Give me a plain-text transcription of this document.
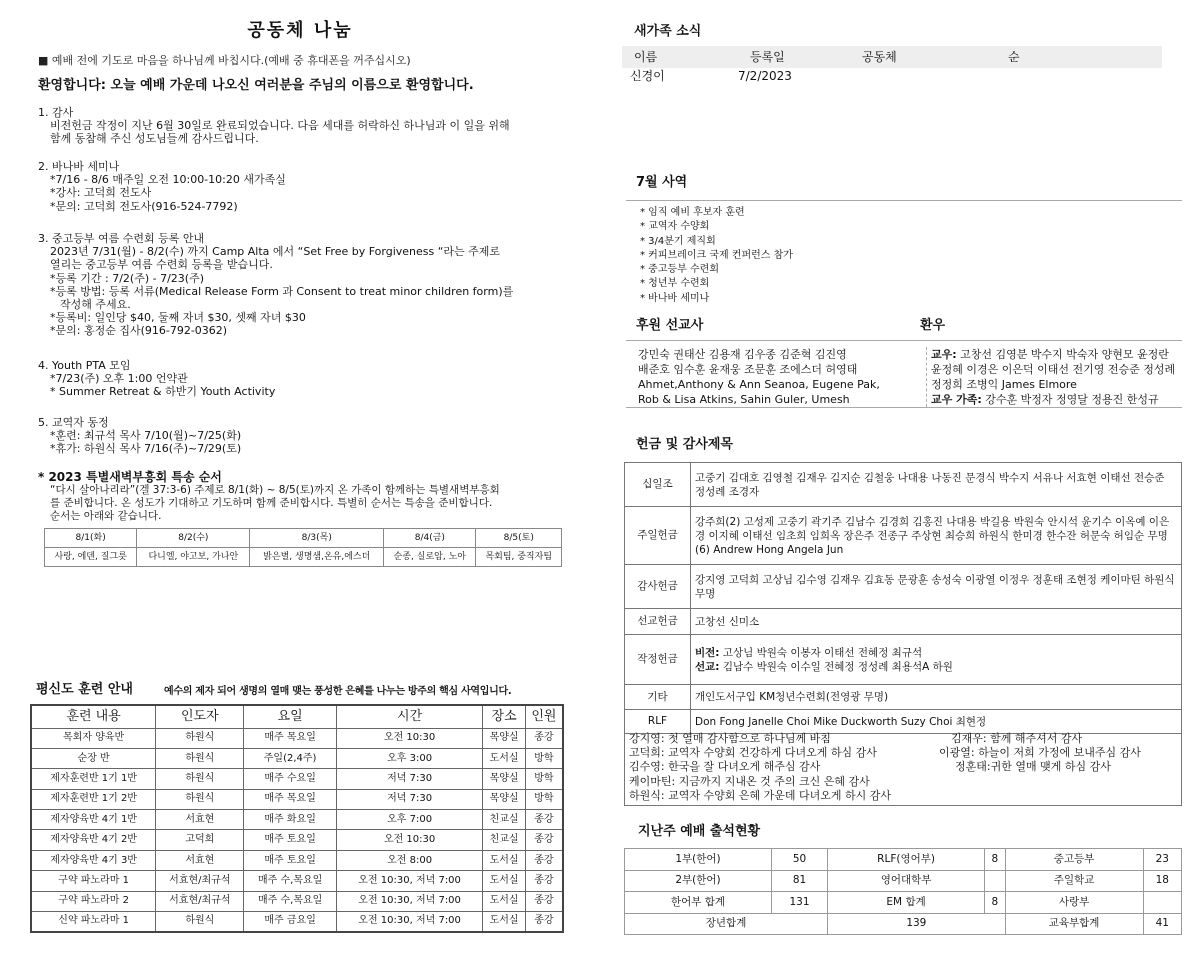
공동체 나눔
■ 예배 전에 기도로 마음을 하나님께 바칩시다.(예배 중 휴대폰을 꺼주십시오)
환영합니다: 오늘 예배 가운데 나오신 여러분을 주님의 이름으로 환영합니다.
1. 감사
비전헌금 작정이 지난 6월 30일로 완료되었습니다. 다음 세대를 허락하신 하나님과 이 일을 위해
함께 동참해 주신 성도님들께 감사드립니다.
2. 바나바 세미나
*7/16 - 8/6 매주일 오전 10:00-10:20 새가족실
*강사: 고덕희 전도사
*문의: 고덕희 전도사(916-524-7792)
3. 중고등부 여름 수련회 등록 안내
2023년 7/31(월) - 8/2(수) 까지 Camp Alta 에서 “Set Free by Forgiveness “라는 주제로
열리는 중고등부 여름 수련회 등록을 받습니다.
*등록 기간 : 7/2(주) - 7/23(주)
*등록 방법: 등록 서류(Medical Release Form 과 Consent to treat minor children form)를
작성해 주세요.
*등록비: 일인당 $40, 둘째 자녀 $30, 셋째 자녀 $30
*문의: 홍정순 집사(916-792-0362)
4. Youth PTA 모임
*7/23(주) 오후 1:00 언약관
* Summer Retreat & 하반기 Youth Activity
5. 교역자 동정
*훈련: 최규석 목사 7/10(월)~7/25(화)
*휴가: 하원식 목사 7/16(주)~7/29(토)
* 2023 특별새벽부흥회 특송 순서
“다시 살아나리라”(겔 37:3-6) 주제로 8/1(화) ~ 8/5(토)까지 온 가족이 함께하는 특별새벽부흥회
를 준비합니다. 온 성도가 기대하고 기도하며 함께 준비합시다. 특별히 순서는 특송을 준비합니다.
순서는 아래와 같습니다.
8/1(화)	8/2(수)	8/3(목)	8/4(금)	8/5(토)
사랑, 에덴, 질그릇	다니엘, 야고보, 가나안	밝은별, 생명샘,온유,에스더	순종, 실로암, 노아	목회팀, 중직자팀
평신도 훈련 안내	예수의 제자 되어 생명의 열매 맺는 풍성한 은혜를 나누는 방주의 핵심 사역입니다.
훈련 내용	인도자	요일	시간	장소	인원
목회자 양육반	하원식	매주 목요일	오전 10:30	목양실	종강
순장 반	하원식	주일(2,4주)	오후 3:00	도서실	방학
제자훈련반 1기 1반	하원식	매주 수요일	저녁 7:30	목양실	방학
제자훈련반 1기 2반	하원식	매주 목요일	저녁 7:30	목양실	방학
제자양육반 4기 1반	서효현	매주 화요일	오후 7:00	친교실	종강
제자양육반 4기 2반	고덕희	매주 토요일	오전 10:30	친교실	종강
제자양육반 4기 3반	서효현	매주 토요일	오전 8:00	도서실	종강
구약 파노라마 1	서효현/최규석	매주 수,목요일	오전 10:30, 저녁 7:00	도서실	종강
구약 파노라마 2	서효현/최규석	매주 수,목요일	오전 10:30, 저녁 7:00	도서실	종강
신약 파노라마 1	하원식	매주 금요일	오전 10:30, 저녁 7:00	도서실	종강
새가족 소식
이름	등록일	공동체	순
신경이	7/2/2023
7월 사역
* 임직 예비 후보자 훈련
* 교역자 수양회
* 3/4분기 제직회
* 커피브레이크 국제 컨퍼런스 참가
* 중고등부 수련회
* 청년부 수련회
* 바나바 세미나
후원 선교사	환우
강민숙 권태산 김용재 김우종 김준혁 김진영
배준호 임수훈 윤재웅 조문훈 조에스더 허영태
Ahmet,Anthony & Ann Seanoa, Eugene Pak,
Rob & Lisa Atkins, Sahin Guler, Umesh
교우: 고창선 김영분 박수지 박숙자 양현모 윤정란
윤정혜 이경은 이은덕 이태선 전기영 전승준 정성례
정정희 조병익 James Elmore
교우 가족: 강수훈 박정자 정영달 정용진 한성규
헌금 및 감사제목
십일조	고중기 김대호 김영철 김재우 김지순 김철웅 나대용 나동진 문경식 박수지 서유나 서효현 이태선 전승준 정성례 조경자
주일헌금	강주희(2) 고성제 고중기 곽기주 김남수 김경희 김홍진 나대용 박길용 박원숙 안시석 윤기수 이옥예 이은경 이지혜 이태선 임초희 임희옥 장은주 전종구 주상현 최승희 하원식 한미경 한수잔 허문숙 허임순 무명(6) Andrew Hong Angela Jun
감사헌금	강지영 고덕희 고상님 김수영 김재우 김효동 문광훈 송성숙 이광열 이정우 정훈태 조현정 케이마틴 하원식 무명
선교헌금	고창선 신미소
작정헌금	비전: 고상님 박원숙 이봉자 이태선 전혜정 최규석
선교: 김남수 박원숙 이수일 전혜정 정성례 최용석A 하원

기타	개인도서구입 KM청년수련회(전영광 무명)
RLF	Don Fong Janelle Choi Mike Duckworth Suzy Choi 최현정
강지영: 첫 열매 감사함으로 하나님께 바침
고덕희: 교역자 수양회 건강하게 다녀오게 하심 감사
김수영: 한국을 잘 다녀오게 해주심 감사
케이마틴: 지금까지 지내온 것 주의 크신 은혜 감사
하원식: 교역자 수양회 은혜 가운데 다녀오게 하시 감사
김재우: 함께 해주셔서 감사
이광열: 하늘이 저희 가정에 보내주심 감사
정훈태:귀한 열매 맺게 하심 감사
지난주 예배 출석현황
1부(한어)	50	RLF(영어부)	8	중고등부	23
2부(한어)	81	영어대학부		주일학교	18
한어부 합계	131	EM 합계	8	사랑부	
장년합계		139		교육부합계	41
